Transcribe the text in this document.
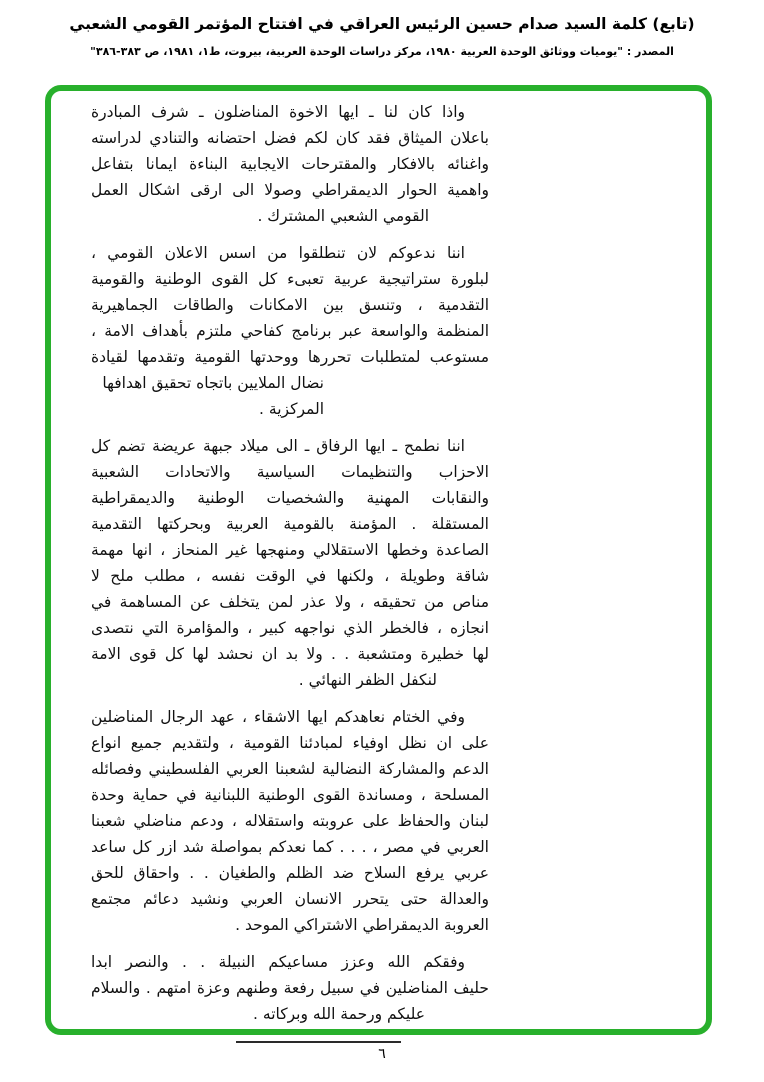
(تابع) كلمة السيد صدام حسين الرئيس العراقي في افتتاح المؤتمر القومي الشعبي
المصدر : "يوميات ووثائق الوحدة العربية ١٩٨٠، مركز دراسات الوحدة العربية، بيروت، ط١، ١٩٨١، ص ٣٨٣-٣٨٦"
واذا كان لنا ـ ايها الاخوة المناضلون ـ شرف المبادرة
باعلان الميثاق فقد كان لكم فضل احتضانه والتنادي لدراسته
واغنائه بالافكار والمقترحات الايجابية البناءة ايمانا بتفاعل
واهمية الحوار الديمقراطي وصولا الى ارقى اشكال العمل
القومي الشعبي المشترك .
اننا ندعوكم لان تنطلقوا من اسس الاعلان القومي ،
لبلورة ستراتيجية عربية تعبىء كل القوى الوطنية والقومية
التقدمية ، وتنسق بين الامكانات والطاقات الجماهيرية
المنظمة والواسعة عبر برنامج كفاحي ملتزم بأهداف الامة ،
مستوعب لمتطلبات تحررها ووحدتها القومية وتقدمها لقيادة
نضال الملايين باتجاه تحقيق اهدافها المركزية .
اننا نطمح ـ ايها الرفاق ـ الى ميلاد جبهة عريضة تضم كل
الاحزاب والتنظيمات السياسية والاتحادات الشعبية
والنقابات المهنية والشخصيات الوطنية والديمقراطية
المستقلة . المؤمنة بالقومية العربية وبحركتها التقدمية
الصاعدة وخطها الاستقلالي ومنهجها غير المنحاز ، انها مهمة
شاقة وطويلة ، ولكنها في الوقت نفسه ، مطلب ملح لا
مناص من تحقيقه ، ولا عذر لمن يتخلف عن المساهمة في
انجازه ، فالخطر الذي نواجهه كبير ، والمؤامرة التي نتصدى
لها خطيرة ومتشعبة . . ولا بد ان نحشد لها كل قوى الامة
لنكفل الظفر النهائي .
وفي الختام نعاهدكم ايها الاشقاء ، عهد الرجال المناضلين
على ان نظل اوفياء لمبادئنا القومية ، ولتقديم جميع انواع
الدعم والمشاركة النضالية لشعبنا العربي الفلسطيني وفصائله
المسلحة ، ومساندة القوى الوطنية اللبنانية في حماية وحدة
لبنان والحفاظ على عروبته واستقلاله ، ودعم مناضلي شعبنا
العربي في مصر ، . . . كما نعدكم بمواصلة شد ازر كل ساعد
عربي يرفع السلاح ضد الظلم والطغيان . . واحقاق للحق
والعدالة حتى يتحرر الانسان العربي ونشيد دعائم مجتمع
العروبة الديمقراطي الاشتراكي الموحد .
وفقكم الله وعزز مساعيكم النبيلة . . والنصر ابدا
حليف المناضلين في سبيل رفعة وطنهم وعزة امتهم . والسلام
عليكم ورحمة الله وبركاته .
٦
